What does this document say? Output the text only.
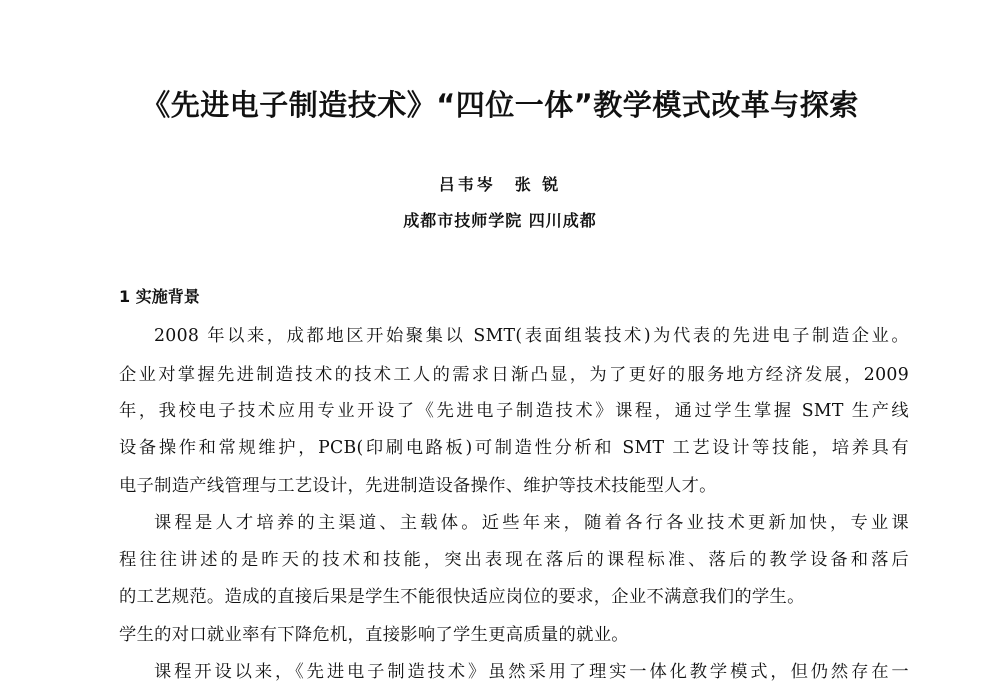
《先进电子制造技术》“四位一体”教学模式改革与探索
吕韦岑　张 锐
成都市技师学院 四川成都
1 实施背景
2008 年以来，成都地区开始聚集以 SMT(表面组装技术)为代表的先进电子制造企业。
企业对掌握先进制造技术的技术工人的需求日渐凸显，为了更好的服务地方经济发展，2009
年，我校电子技术应用专业开设了《先进电子制造技术》课程，通过学生掌握 SMT 生产线
设备操作和常规维护，PCB(印刷电路板)可制造性分析和 SMT 工艺设计等技能，培养具有
电子制造产线管理与工艺设计，先进制造设备操作、维护等技术技能型人才。
课程是人才培养的主渠道、主载体。近些年来，随着各行各业技术更新加快，专业课
程往往讲述的是昨天的技术和技能，突出表现在落后的课程标准、落后的教学设备和落后
的工艺规范。造成的直接后果是学生不能很快适应岗位的要求，企业不满意我们的学生。
学生的对口就业率有下降危机，直接影响了学生更高质量的就业。
课程开设以来，《先进电子制造技术》虽然采用了理实一体化教学模式，但仍然存在一
